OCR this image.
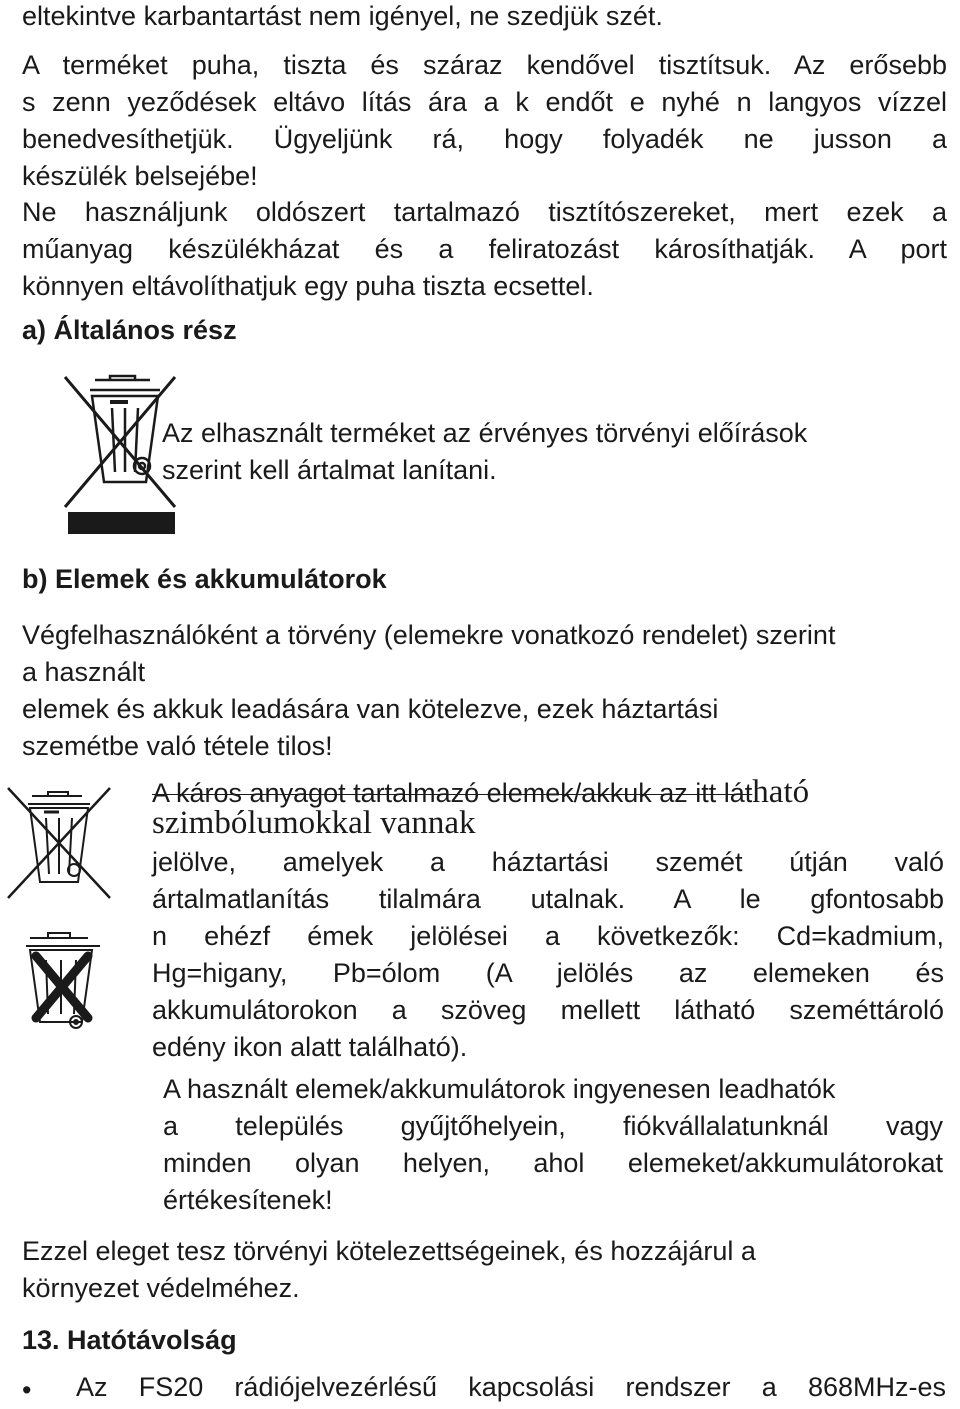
eltekintve karbantartást nem igényel, ne szedjük szét.

A terméket puha, tiszta és száraz kendővel tisztítsuk. Az erősebb
s zenn yeződések eltávo lítás ára a k endőt e nyhé n langyos vízzel
benedvesíthetjük. Ügyeljünk rá, hogy folyadék ne jusson a
készülék belsejébe!

Ne használjunk oldószert tartalmazó tisztítószereket, mert ezek a
műanyag készülékházat és a feliratozást károsíthatják. A port
könnyen eltávolíthatjuk egy puha tiszta ecsettel.

a) Általános rész

Az elhasznált terméket az érvényes törvényi előírások
szerint kell ártalmat lanítani.

b) Elemek és akkumulátorok

Végfelhasználóként a törvény (elemekre vonatkozó rendelet) szerint
a használt
elemek és akkuk leadására van kötelezve, ezek háztartási
szemétbe való tétele tilos!

A káros anyagot tartalmazó elemek/akkuk az itt látható
szimbólumokkal vannak
jelölve, amelyek a háztartási szemét útján való
ártalmatlanítás tilalmára utalnak. A le gfontosabb
n ehézf émek jelölései a következők: Cd=kadmium,
Hg=higany, Pb=ólom (A jelölés az elemeken és
akkumulátorokon a szöveg mellett látható szeméttároló
edény ikon alatt található).

A használt elemek/akkumulátorok ingyenesen leadhatók
a település gyűjtőhelyein, fiókvállalatunknál vagy
minden olyan helyen, ahol elemeket/akkumulátorokat
értékesítenek!

Ezzel eleget tesz törvényi kötelezettségeinek, és hozzájárul a
környezet védelméhez.

13. Hatótávolság
• Az FS20 rádiójelvezérlésű kapcsolási rendszer a 868MHz-es
